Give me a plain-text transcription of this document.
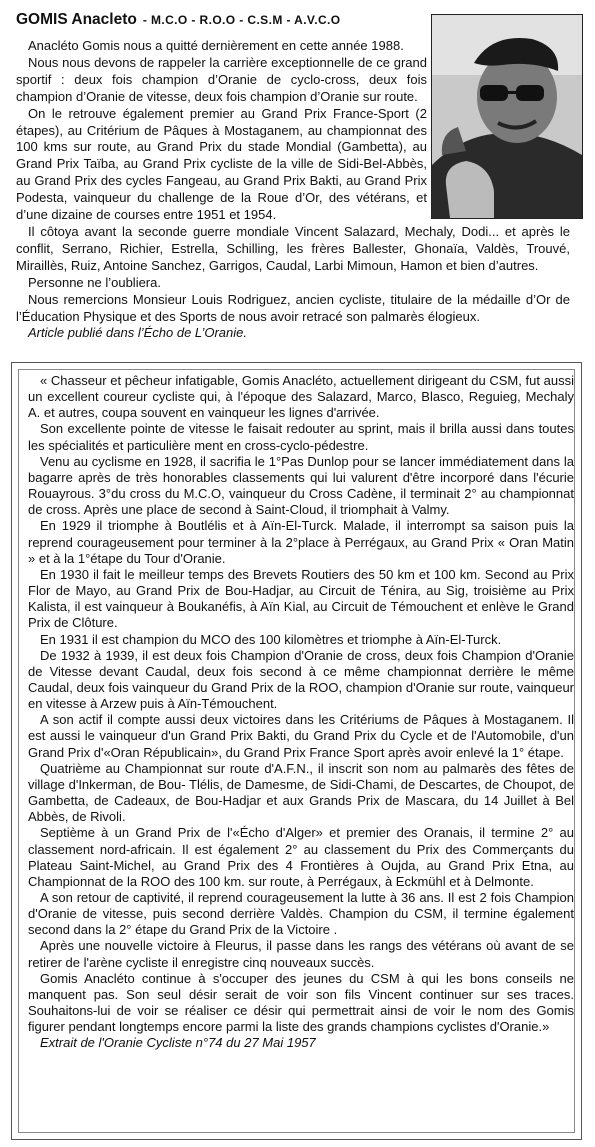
GOMIS Anacleto - M.C.O - R.O.O - C.S.M - A.V.C.O

Anacléto Gomis nous a quitté dernièrement en cette année 1988.

Nous nous devons de rappeler la carrière exceptionnelle de ce grand sportif : deux fois champion d’Oranie de cyclo-cross, deux fois champion d’Oranie de vitesse, deux fois champion d’Oranie sur route.

On le retrouve également premier au Grand Prix France-Sport (2 étapes), au Critérium de Pâques à Mostaganem, au championnat des 100 kms sur route, au Grand Prix du stade Mondial (Gambetta), au Grand Prix Taïba, au Grand Prix cycliste de la ville de Sidi-Bel-Abbès, au Grand Prix des cycles Fangeau, au Grand Prix Bakti, au Grand Prix Podesta, vainqueur du challenge de la Roue d’Or, des vétérans, et d’une dizaine de courses entre 1951 et 1954.

Il côtoya avant la seconde guerre mondiale Vincent Salazard, Mechaly, Dodi... et après le conflit, Serrano, Richier, Estrella, Schilling, les frères Ballester, Ghonaïa, Valdès, Trouvé, Miraillès, Ruiz, Antoine Sanchez, Garrigos, Caudal, Larbi Mimoun, Hamon et bien d’autres.

Personne ne l’oubliera.

Nous remercions Monsieur Louis Rodriguez, ancien cycliste, titulaire de la médaille d’Or de l’Éducation Physique et des Sports de nous avoir retracé son palmarès élogieux.

Article publié dans l’Écho de L’Oranie.

« Chasseur et pêcheur infatigable, Gomis Anacléto, actuellement dirigeant du CSM, fut aussi un excellent coureur cycliste qui, à l'époque des Salazard, Marco, Blasco, Reguieg, Mechaly A. et autres, coupa souvent en vainqueur les lignes d'arrivée.

Son excellente pointe de vitesse le faisait redouter au sprint, mais il brilla aussi dans toutes les spécialités et particulière ment en cross-cyclo-pédestre.

Venu au cyclisme en 1928, il sacrifia le 1°Pas Dunlop pour se lancer immédiatement dans la bagarre après de très honorables classements qui lui valurent d'être incorporé dans l'écurie Rouayrous. 3°du cross du M.C.O, vainqueur du Cross Cadène, il terminait 2° au championnat de cross. Après une place de second à Saint-Cloud, il triomphait à Valmy.

En 1929 il triomphe à Boutlélis et à Aïn-El-Turck. Malade, il interrompt sa saison puis la reprend courageusement pour terminer à la 2°place à Perrégaux, au Grand Prix « Oran Matin » et à la 1°étape du Tour d'Oranie.

En 1930 il fait le meilleur temps des Brevets Routiers des 50 km et 100 km. Second au Prix Flor de Mayo, au Grand Prix de Bou-Hadjar, au Circuit de Ténira, au Sig, troisième au Prix Kalista, il est vainqueur à Boukanéfis, à Aïn Kial, au Circuit de Témouchent et enlève le Grand Prix de Clôture.

En 1931 il est champion du MCO des 100 kilomètres et triomphe à Aïn-El-Turck.

De 1932 à 1939, il est deux fois Champion d'Oranie de cross, deux fois Champion d'Oranie de Vitesse devant Caudal, deux fois second à ce même championnat derrière le même Caudal, deux fois vainqueur du Grand Prix de la ROO, champion d'Oranie sur route, vainqueur en vitesse à Arzew puis à Aïn-Témouchent.

A son actif il compte aussi deux victoires dans les Critériums de Pâques à Mostaganem. Il est aussi le vainqueur d'un Grand Prix Bakti, du Grand Prix du Cycle et de l'Automobile, d'un Grand Prix d'«Oran Républicain», du Grand Prix France Sport après avoir enlevé la 1° étape.

Quatrième au Championnat sur route d'A.F.N., il inscrit son nom au palmarès des fêtes de village d'Inkerman, de Bou- Tlélis, de Damesme, de Sidi-Chami, de Descartes, de Choupot, de Gambetta, de Cadeaux, de Bou-Hadjar et aux Grands Prix de Mascara, du 14 Juillet à Bel Abbès, de Rivoli.

Septième à un Grand Prix de l'«Écho d'Alger» et premier des Oranais, il termine 2° au classement nord-africain. Il est également 2° au classement du Prix des Commerçants du Plateau Saint-Michel, au Grand Prix des 4 Frontières à Oujda, au Grand Prix Etna, au Championnat de la ROO des 100 km. sur route, à Perrégaux, à Eckmühl et à Delmonte.

A son retour de captivité, il reprend courageusement la lutte à 36 ans. Il est 2 fois Champion d'Oranie de vitesse, puis second derrière Valdès. Champion du CSM, il termine également second dans la 2° étape du Grand Prix de la Victoire .

Après une nouvelle victoire à Fleurus, il passe dans les rangs des vétérans où avant de se retirer de l'arène cycliste il enregistre cinq nouveaux succès.

Gomis Anacléto continue à s'occuper des jeunes du CSM à qui les bons conseils ne manquent pas. Son seul désir serait de voir son fils Vincent continuer sur ses traces. Souhaitons-lui de voir se réaliser ce désir qui permettrait ainsi de voir le nom des Gomis figurer pendant longtemps encore parmi la liste des grands champions cyclistes d'Oranie.»

Extrait de l'Oranie Cycliste n°74 du 27 Mai 1957
